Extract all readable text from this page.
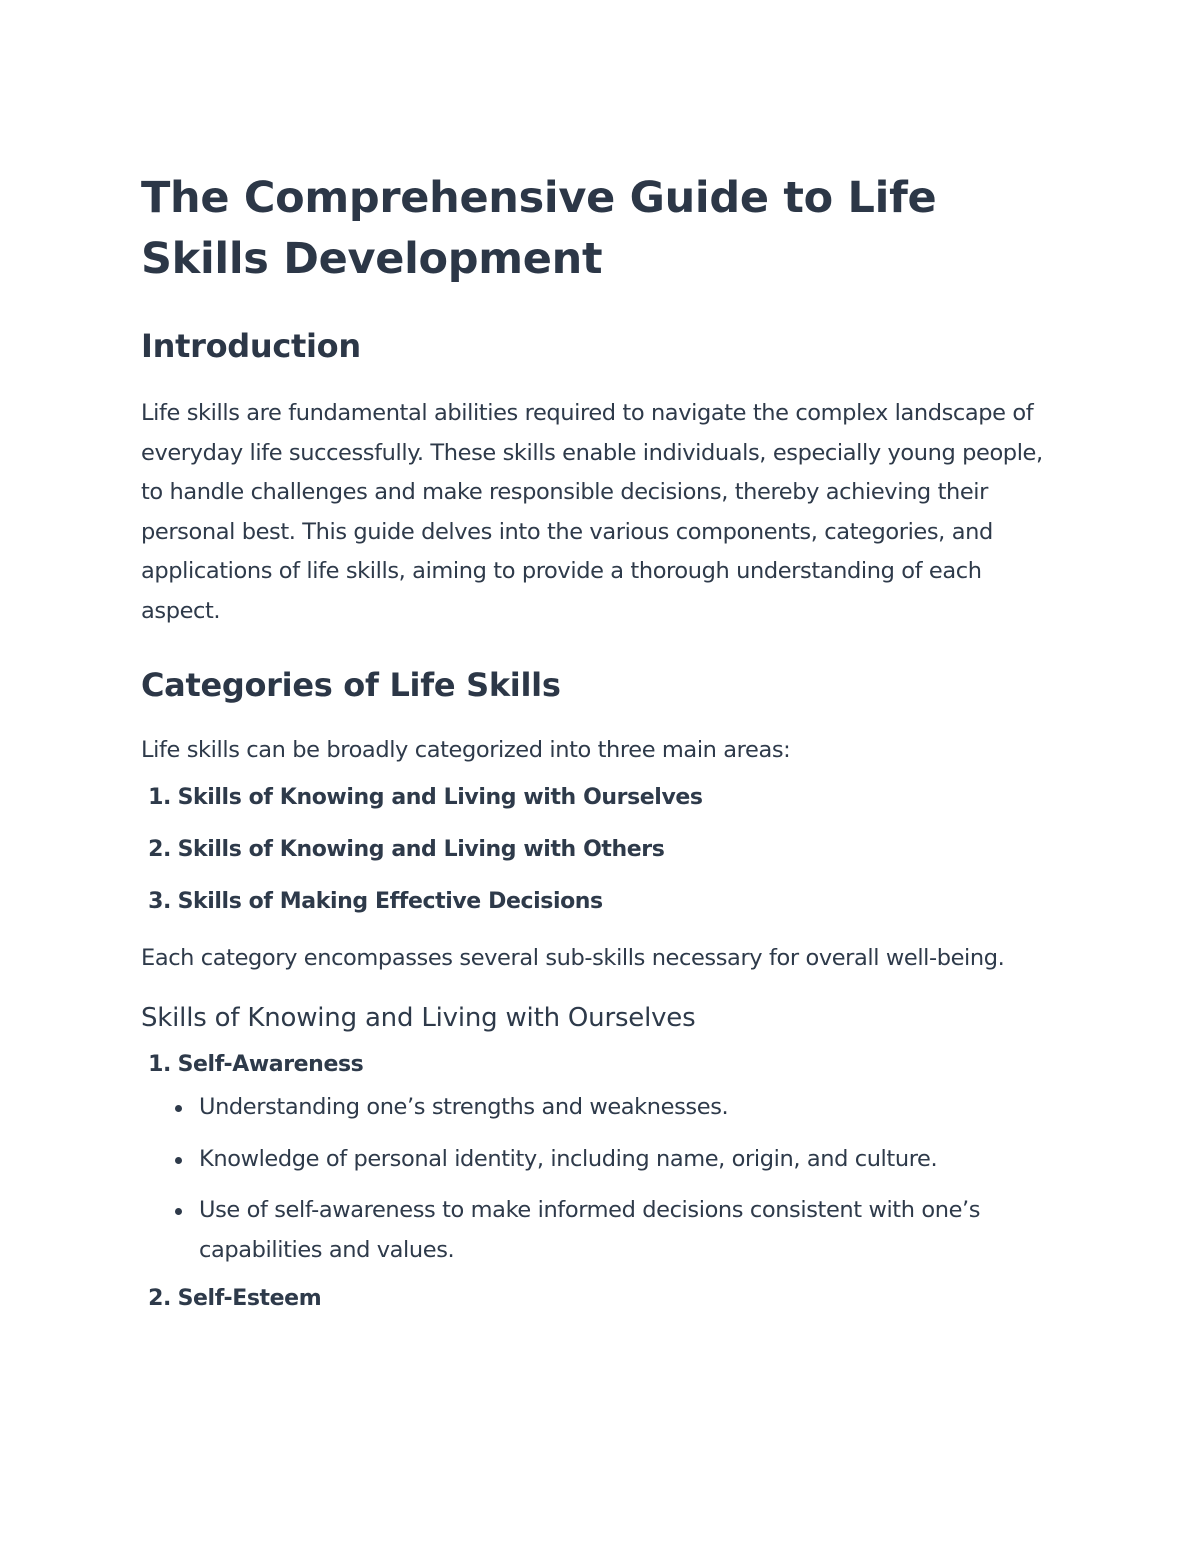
The Comprehensive Guide to Life Skills Development
Introduction

Life skills are fundamental abilities required to navigate the complex landscape of everyday life successfully. These skills enable individuals, especially young people, to handle challenges and make responsible decisions, thereby achieving their personal best. This guide delves into the various components, categories, and applications of life skills, aiming to provide a thorough understanding of each aspect.

Categories of Life Skills

Life skills can be broadly categorized into three main areas:

1. Skills of Knowing and Living with Ourselves
2. Skills of Knowing and Living with Others
3. Skills of Making Effective Decisions

Each category encompasses several sub-skills necessary for overall well-being.

Skills of Knowing and Living with Ourselves
1. Self-Awareness
Understanding one’s strengths and weaknesses.
Knowledge of personal identity, including name, origin, and culture.
Use of self-awareness to make informed decisions consistent with one’s capabilities and values.
2. Self-Esteem
